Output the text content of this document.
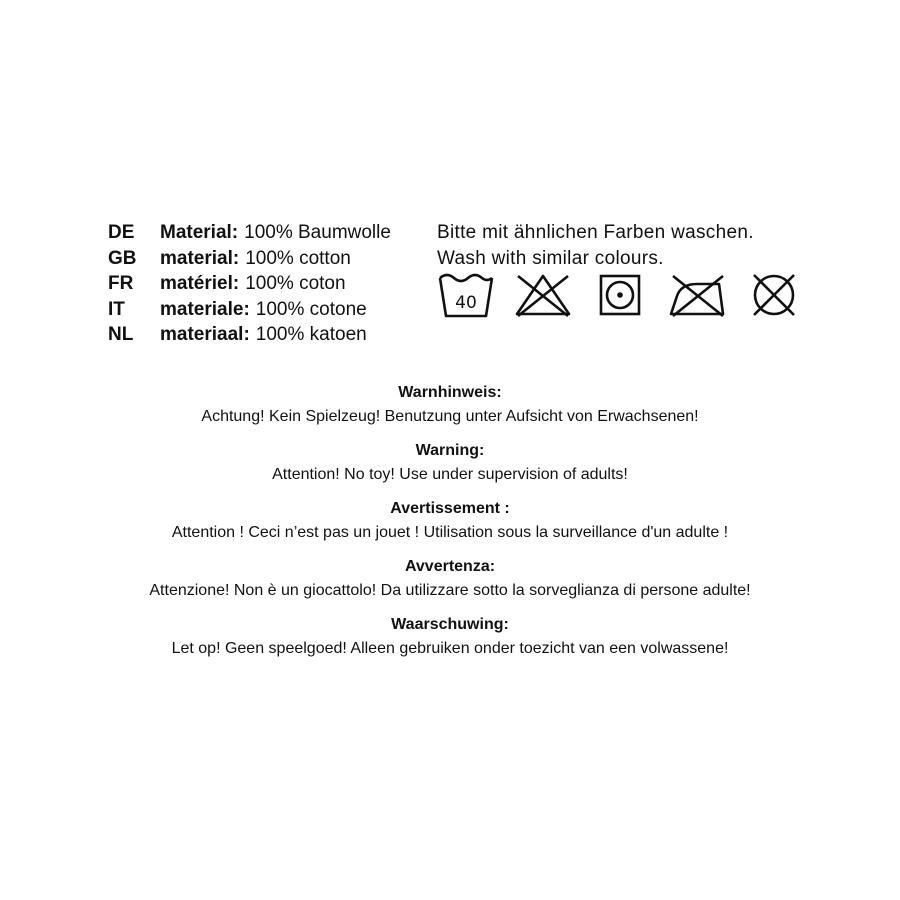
DE	Material: 100% Baumwolle
GB	material: 100% cotton
FR	matériel: 100% coton
IT	materiale: 100% cotone
NL	materiaal: 100% katoen
Bitte mit ähnlichen Farben waschen.
Wash with similar colours.
40
Warnhinweis:
Achtung! Kein Spielzeug! Benutzung unter Aufsicht von Erwachsenen!
Warning:
Attention! No toy! Use under supervision of adults!
Avertissement :
Attention ! Ceci n’est pas un jouet ! Utilisation sous la surveillance d'un adulte !
Avvertenza:
Attenzione! Non è un giocattolo! Da utilizzare sotto la sorveglianza di persone adulte!
Waarschuwing:
Let op! Geen speelgoed! Alleen gebruiken onder toezicht van een volwassene!
